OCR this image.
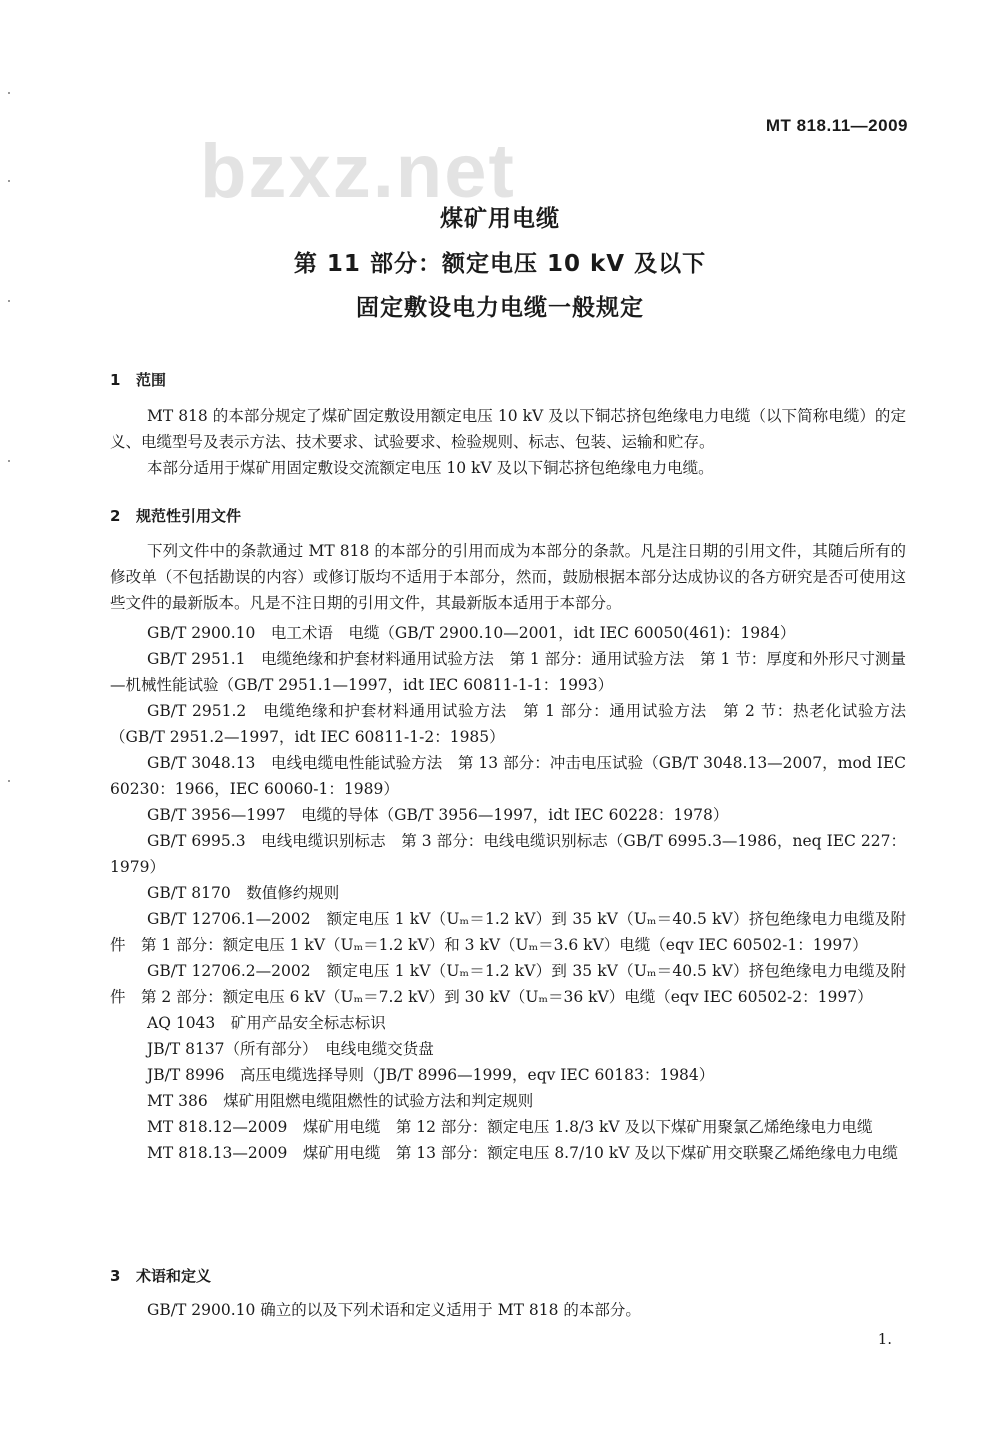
bzxz.net
MT 818.11—2009
煤矿用电缆
第 11 部分：额定电压 10 kV 及以下
固定敷设电力电缆一般规定
1 范围

MT 818 的本部分规定了煤矿固定敷设用额定电压 10 kV 及以下铜芯挤包绝缘电力电缆（以下简称电缆）的定义、电缆型号及表示方法、技术要求、试验要求、检验规则、标志、包装、运输和贮存。

本部分适用于煤矿用固定敷设交流额定电压 10 kV 及以下铜芯挤包绝缘电力电缆。

2 规范性引用文件

下列文件中的条款通过 MT 818 的本部分的引用而成为本部分的条款。凡是注日期的引用文件，其随后所有的修改单（不包括勘误的内容）或修订版均不适用于本部分，然而，鼓励根据本部分达成协议的各方研究是否可使用这些文件的最新版本。凡是不注日期的引用文件，其最新版本适用于本部分。

GB/T 2900.10　电工术语　电缆（GB/T 2900.10—2001，idt IEC 60050(461)：1984）

GB/T 2951.1　电缆绝缘和护套材料通用试验方法　第 1 部分：通用试验方法　第 1 节：厚度和外形尺寸测量—机械性能试验（GB/T 2951.1—1997，idt IEC 60811-1-1：1993）

GB/T 2951.2　电缆绝缘和护套材料通用试验方法　第 1 部分：通用试验方法　第 2 节：热老化试验方法（GB/T 2951.2—1997，idt IEC 60811-1-2：1985）

GB/T 3048.13　电线电缆电性能试验方法　第 13 部分：冲击电压试验（GB/T 3048.13—2007，mod IEC 60230：1966，IEC 60060-1：1989）

GB/T 3956—1997　电缆的导体（GB/T 3956—1997，idt IEC 60228：1978）

GB/T 6995.3　电线电缆识别标志　第 3 部分：电线电缆识别标志（GB/T 6995.3—1986，neq IEC 227：1979）

GB/T 8170　数值修约规则

GB/T 12706.1—2002　额定电压 1 kV（Uₘ＝1.2 kV）到 35 kV（Uₘ＝40.5 kV）挤包绝缘电力电缆及附件　第 1 部分：额定电压 1 kV（Uₘ＝1.2 kV）和 3 kV（Uₘ＝3.6 kV）电缆（eqv IEC 60502-1：1997）

GB/T 12706.2—2002　额定电压 1 kV（Uₘ＝1.2 kV）到 35 kV（Uₘ＝40.5 kV）挤包绝缘电力电缆及附件　第 2 部分：额定电压 6 kV（Uₘ＝7.2 kV）到 30 kV（Uₘ＝36 kV）电缆（eqv IEC 60502-2：1997）

AQ 1043　矿用产品安全标志标识

JB/T 8137（所有部分）　电线电缆交货盘

JB/T 8996　高压电缆选择导则（JB/T 8996—1999，eqv IEC 60183：1984）

MT 386　煤矿用阻燃电缆阻燃性的试验方法和判定规则

MT 818.12—2009　煤矿用电缆　第 12 部分：额定电压 1.8/3 kV 及以下煤矿用聚氯乙烯绝缘电力电缆

MT 818.13—2009　煤矿用电缆　第 13 部分：额定电压 8.7/10 kV 及以下煤矿用交联聚乙烯绝缘电力电缆

3 术语和定义

GB/T 2900.10 确立的以及下列术语和定义适用于 MT 818 的本部分。

1.
